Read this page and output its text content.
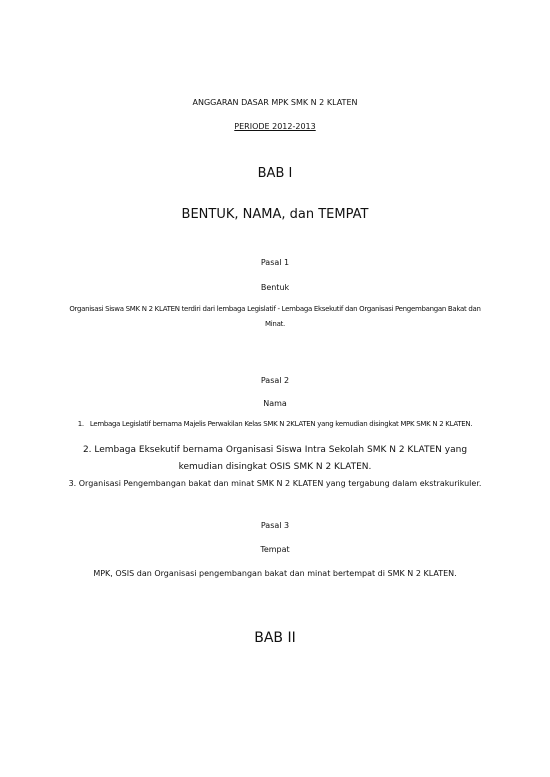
ANGGARAN DASAR MPK SMK N 2 KLATEN

PERIODE 2012-2013

BAB I

BENTUK, NAMA, dan TEMPAT

Pasal 1

Bentuk

Organisasi Siswa SMK N 2 KLATEN terdiri dari lembaga Legislatif - Lembaga Eksekutif dan Organisasi Pengembangan Bakat dan Minat.

Pasal 2

Nama

1. Lembaga Legislatif bernama Majelis Perwakilan Kelas SMK N 2KLATEN yang kemudian disingkat MPK SMK N 2 KLATEN.

2. Lembaga Eksekutif bernama Organisasi Siswa Intra Sekolah SMK N 2 KLATEN yang kemudian disingkat OSIS SMK N 2 KLATEN.

3. Organisasi Pengembangan bakat dan minat SMK N 2 KLATEN yang tergabung dalam ekstrakurikuler.

Pasal 3

Tempat

MPK, OSIS dan Organisasi pengembangan bakat dan minat bertempat di SMK N 2 KLATEN.

BAB II
